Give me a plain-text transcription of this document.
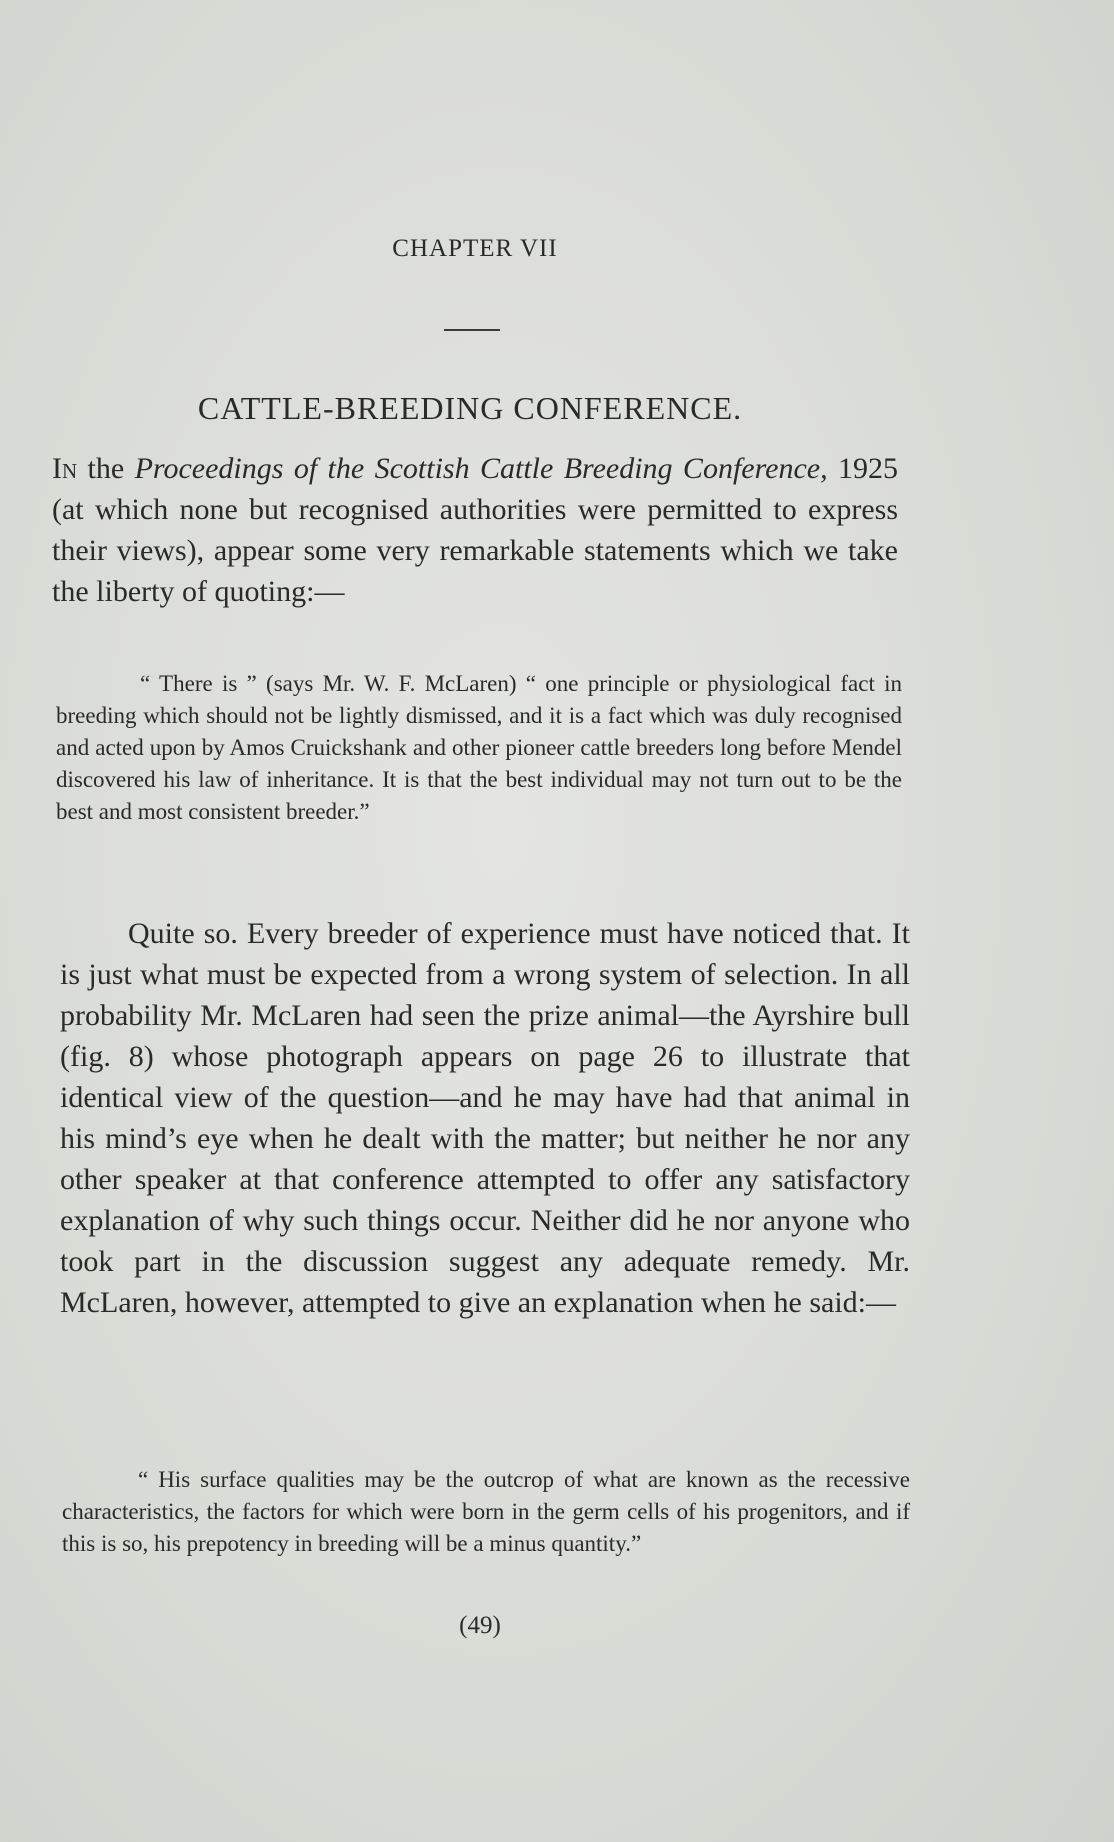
CHAPTER VII
CATTLE-BREEDING CONFERENCE.
In the Proceedings of the Scottish Cattle Breeding Conference, 1925 (at which none but recognised authorities were permitted to express their views), appear some very remarkable statements which we take the liberty of quoting:—
“ There is ” (says Mr. W. F. McLaren) “ one principle or physiological fact in breeding which should not be lightly dismissed, and it is a fact which was duly recognised and acted upon by Amos Cruickshank and other pioneer cattle breeders long before Mendel discovered his law of inheritance. It is that the best individual may not turn out to be the best and most consistent breeder.”
Quite so. Every breeder of experience must have noticed that. It is just what must be expected from a wrong system of selection. In all probability Mr. McLaren had seen the prize animal—the Ayrshire bull (fig. 8) whose photograph appears on page 26 to illustrate that identical view of the question—and he may have had that animal in his mind’s eye when he dealt with the matter; but neither he nor any other speaker at that conference attempted to offer any satisfactory explanation of why such things occur. Neither did he nor anyone who took part in the discussion suggest any adequate remedy. Mr. McLaren, however, attempted to give an explanation when he said:—
“ His surface qualities may be the outcrop of what are known as the recessive characteristics, the factors for which were born in the germ cells of his progenitors, and if this is so, his prepotency in breeding will be a minus quantity.”
(49)
